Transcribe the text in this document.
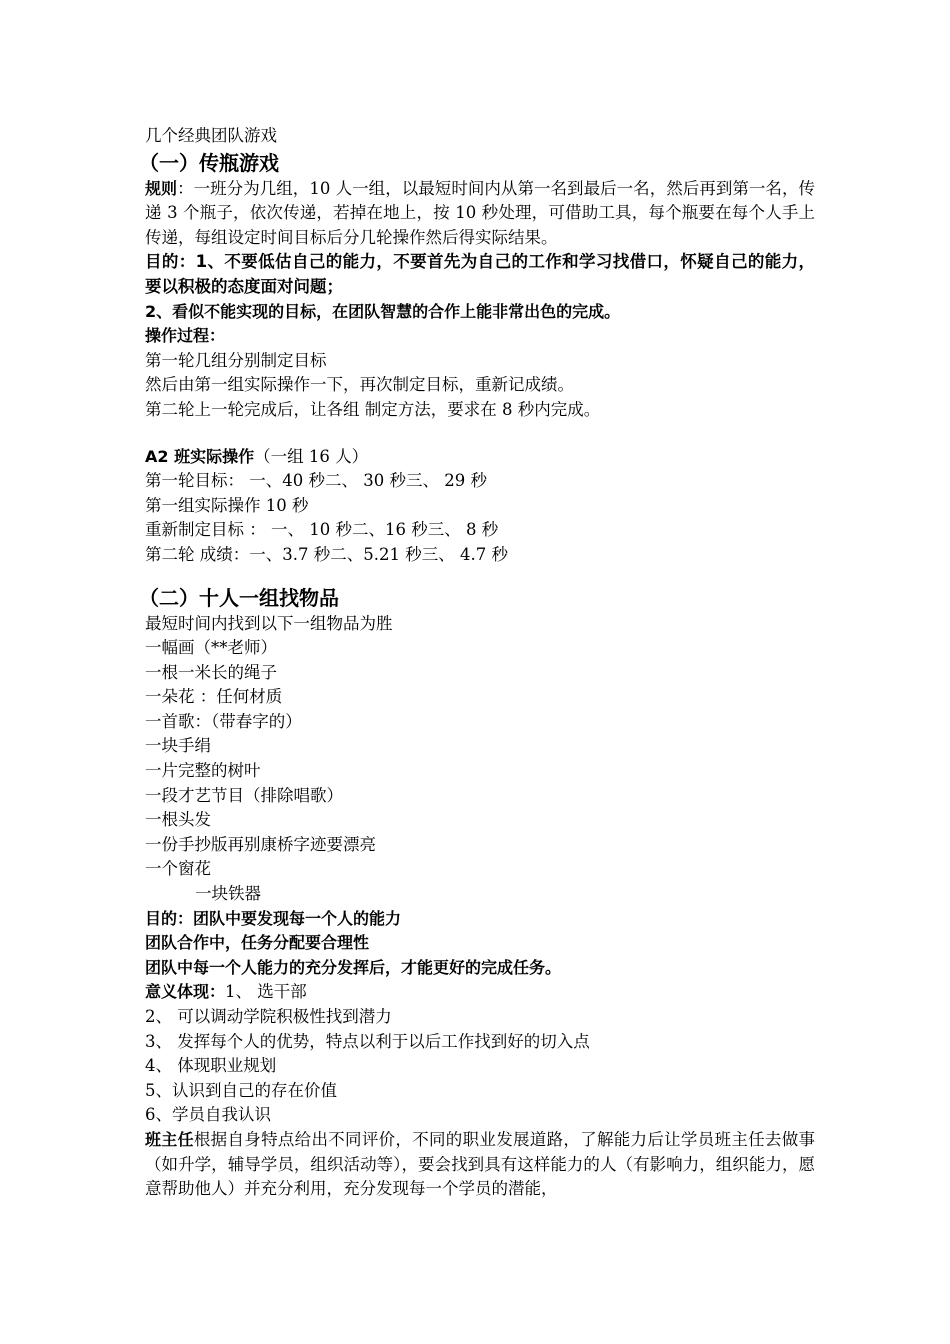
几个经典团队游戏

（一）传瓶游戏

规则：一班分为几组，10 人一组，以最短时间内从第一名到最后一名，然后再到第一名，传递 3 个瓶子，依次传递，若掉在地上，按 10 秒处理，可借助工具，每个瓶要在每个人手上传递，每组设定时间目标后分几轮操作然后得实际结果。

目的：1、不要低估自己的能力，不要首先为自己的工作和学习找借口，怀疑自己的能力，要以积极的态度面对问题；

2、看似不能实现的目标，在团队智慧的合作上能非常出色的完成。

操作过程：

第一轮几组分别制定目标

然后由第一组实际操作一下，再次制定目标，重新记成绩。

第二轮上一轮完成后，让各组 制定方法，要求在 8 秒内完成。

A2 班实际操作（一组 16 人）

第一轮目标： 一、40 秒二、 30 秒三、 29 秒

第一组实际操作 10 秒

重新制定目标 ： 一、 10 秒二、16 秒三、 8 秒

第二轮 成绩：一、3.7 秒二、5.21 秒三、 4.7 秒

（二）十人一组找物品

最短时间内找到以下一组物品为胜

一幅画（**老师）

一根一米长的绳子

一朵花 ：任何材质

一首歌：（带春字的）

一块手绢

一片完整的树叶

一段才艺节目（排除唱歌）

一根头发

一份手抄版再别康桥字迹要漂亮

一个窗花

一块铁器

目的：团队中要发现每一个人的能力

团队合作中，任务分配要合理性

团队中每一个人能力的充分发挥后，才能更好的完成任务。

意义体现：1、 选干部

2、 可以调动学院积极性找到潜力

3、 发挥每个人的优势，特点以利于以后工作找到好的切入点

4、 体现职业规划

5、认识到自己的存在价值

6、学员自我认识

班主任根据自身特点给出不同评价，不同的职业发展道路，了解能力后让学员班主任去做事（如升学，辅导学员，组织活动等），要会找到具有这样能力的人（有影响力，组织能力，愿意帮助他人）并充分利用，充分发现每一个学员的潜能，
